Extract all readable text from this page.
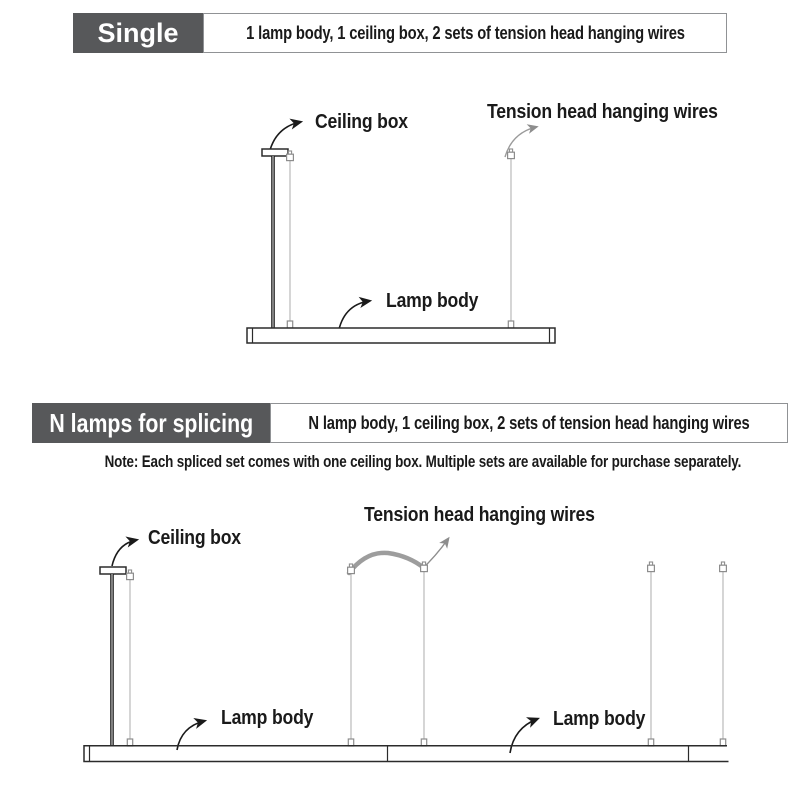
Single	1 lamp body, 1 ceiling box, 2 sets of tension head hanging wires
Ceiling box	Tension head hanging wires
Lamp body
N lamps for splicing	N lamp body, 1 ceiling box, 2 sets of tension head hanging wires
Note: Each spliced set comes with one ceiling box. Multiple sets are available for purchase separately.
Ceiling box
Tension head hanging wires
Lamp body	Lamp body
